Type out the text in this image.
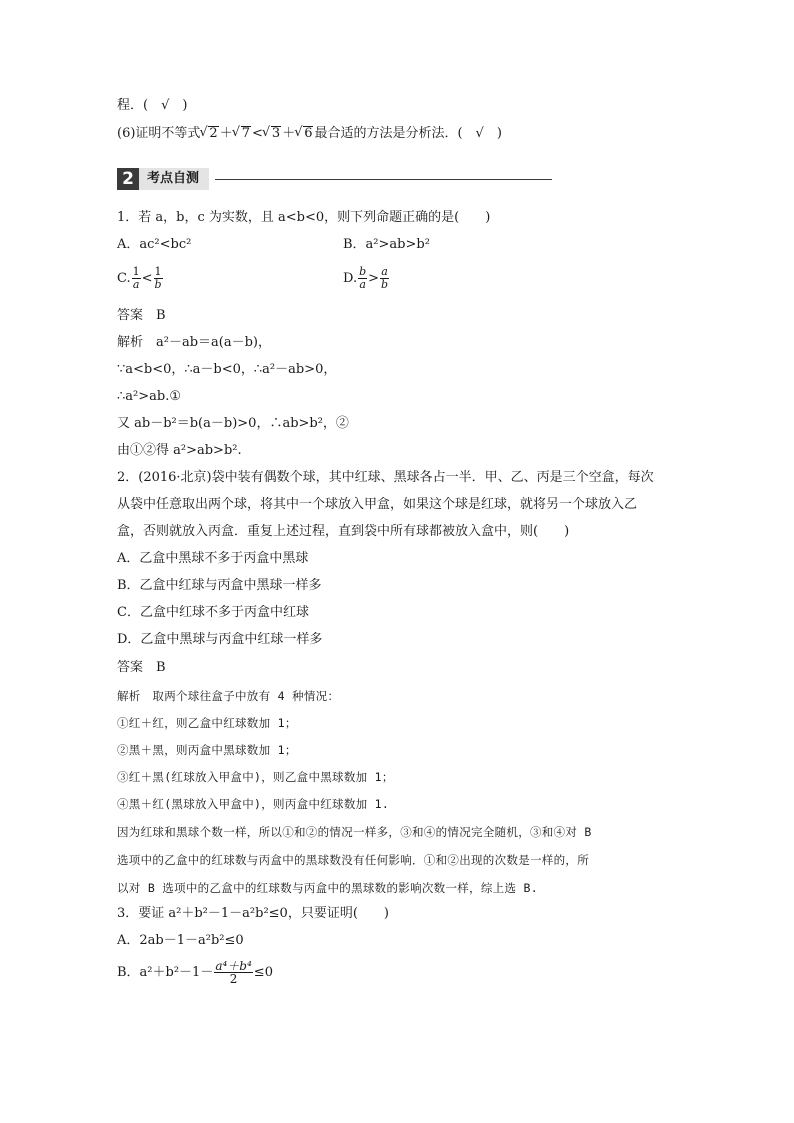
程．(　√　)
(6)证明不等式 √ 2 ＋ √ 7 < √ 3 ＋ √ 6 最合适的方法是分析法．(　√　)
2	考点自测
1．若 a，b，c 为实数，且 a<b<0，则下列命题正确的是(　　)
A．ac²<bc²	B．a²>ab>b²
C. $\frac{1}{a} < \frac{1}{b}$	D. $\frac{b}{a} > \frac{a}{b}$
答案　B
解析　a²－ab＝a(a－b)，
∵a<b<0，∴a－b<0，∴a²－ab>0，
∴a²>ab.①
又 ab－b²＝b(a－b)>0，∴ab>b²，②
由①②得 a²>ab>b².
2．(2016·北京)袋中装有偶数个球，其中红球、黑球各占一半．甲、乙、丙是三个空盒，每次
从袋中任意取出两个球，将其中一个球放入甲盒，如果这个球是红球，就将另一个球放入乙
盒，否则就放入丙盒．重复上述过程，直到袋中所有球都被放入盒中，则(　　)
A．乙盒中黑球不多于丙盒中黑球
B．乙盒中红球与丙盒中黑球一样多
C．乙盒中红球不多于丙盒中红球
D．乙盒中黑球与丙盒中红球一样多
答案　B
解析　取两个球往盒子中放有 4 种情况：
①红＋红，则乙盒中红球数加 1；
②黑＋黑，则丙盒中黑球数加 1；
③红＋黑(红球放入甲盒中)，则乙盒中黑球数加 1；
④黑＋红(黑球放入甲盒中)，则丙盒中红球数加 1.
因为红球和黑球个数一样，所以①和②的情况一样多，③和④的情况完全随机，③和④对 B
选项中的乙盒中的红球数与丙盒中的黑球数没有任何影响．①和②出现的次数是一样的，所
以对 B 选项中的乙盒中的红球数与丙盒中的黑球数的影响次数一样，综上选 B.
3．要证 a²＋b²－1－a²b²≤0，只要证明(　　)
A．2ab－1－a²b²≤0
B．$a^2+b^2-1- \frac{\text{a⁴＋b⁴}}{2} \le 0$
